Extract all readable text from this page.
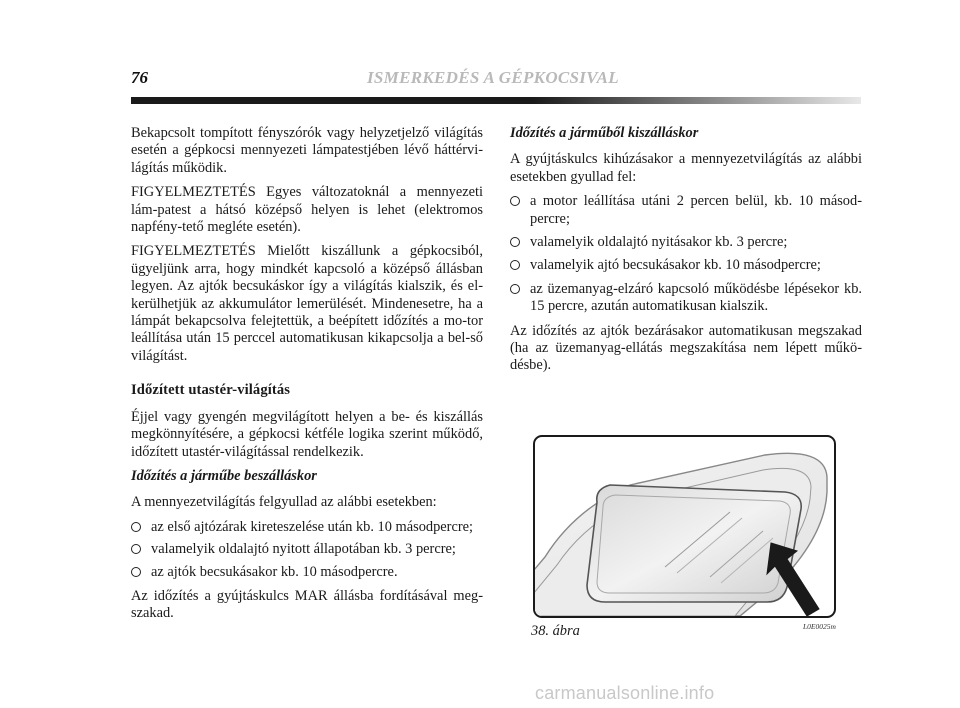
76	ISMERKEDÉS A GÉPKOCSIVAL

Bekapcsolt tompított fényszórók vagy helyzetjelző világítás esetén a gépkocsi mennyezeti lámpatestjében lévő háttérvi-lágítás működik.

FIGYELMEZTETÉS Egyes változatoknál a mennyezeti lám-patest a hátsó középső helyen is lehet (elektromos napfény-tető megléte esetén).

FIGYELMEZTETÉS Mielőtt kiszállunk a gépkocsiból, ügyeljünk arra, hogy mindkét kapcsoló a középső állásban legyen. Az ajtók becsukáskor így a világítás kialszik, és el-kerülhetjük az akkumulátor lemerülését. Mindenesetre, ha a lámpát bekapcsolva felejtettük, a beépített időzítés a mo-tor leállítása után 15 perccel automatikusan kikapcsolja a bel-ső világítást.

Időzített utastér-világítás

Éjjel vagy gyengén megvilágított helyen a be- és kiszállás megkönnyítésére, a gépkocsi kétféle logika szerint működő, időzített utastér-világítással rendelkezik.

Időzítés a járműbe beszálláskor

A mennyezetvilágítás felgyullad az alábbi esetekben:

az első ajtózárak kireteszelése után kb. 10 másodpercre;
valamelyik oldalajtó nyitott állapotában kb. 3 percre;
az ajtók becsukásakor kb. 10 másodpercre.

Az időzítés a gyújtáskulcs MAR állásba fordításával meg-szakad.

Időzítés a járműből kiszálláskor

A gyújtáskulcs kihúzásakor a mennyezetvilágítás az alábbi esetekben gyullad fel:

a motor leállítása utáni 2 percen belül, kb. 10 másod-percre;
valamelyik oldalajtó nyitásakor kb. 3 percre;
valamelyik ajtó becsukásakor kb. 10 másodpercre;
az üzemanyag-elzáró kapcsoló működésbe lépésekor kb. 15 percre, azután automatikusan kialszik.

Az időzítés az ajtók bezárásakor automatikusan megszakad (ha az üzemanyag-ellátás megszakítása nem lépett műkö-désbe).

38. ábra	L0E0025m
carmanualsonline.info
